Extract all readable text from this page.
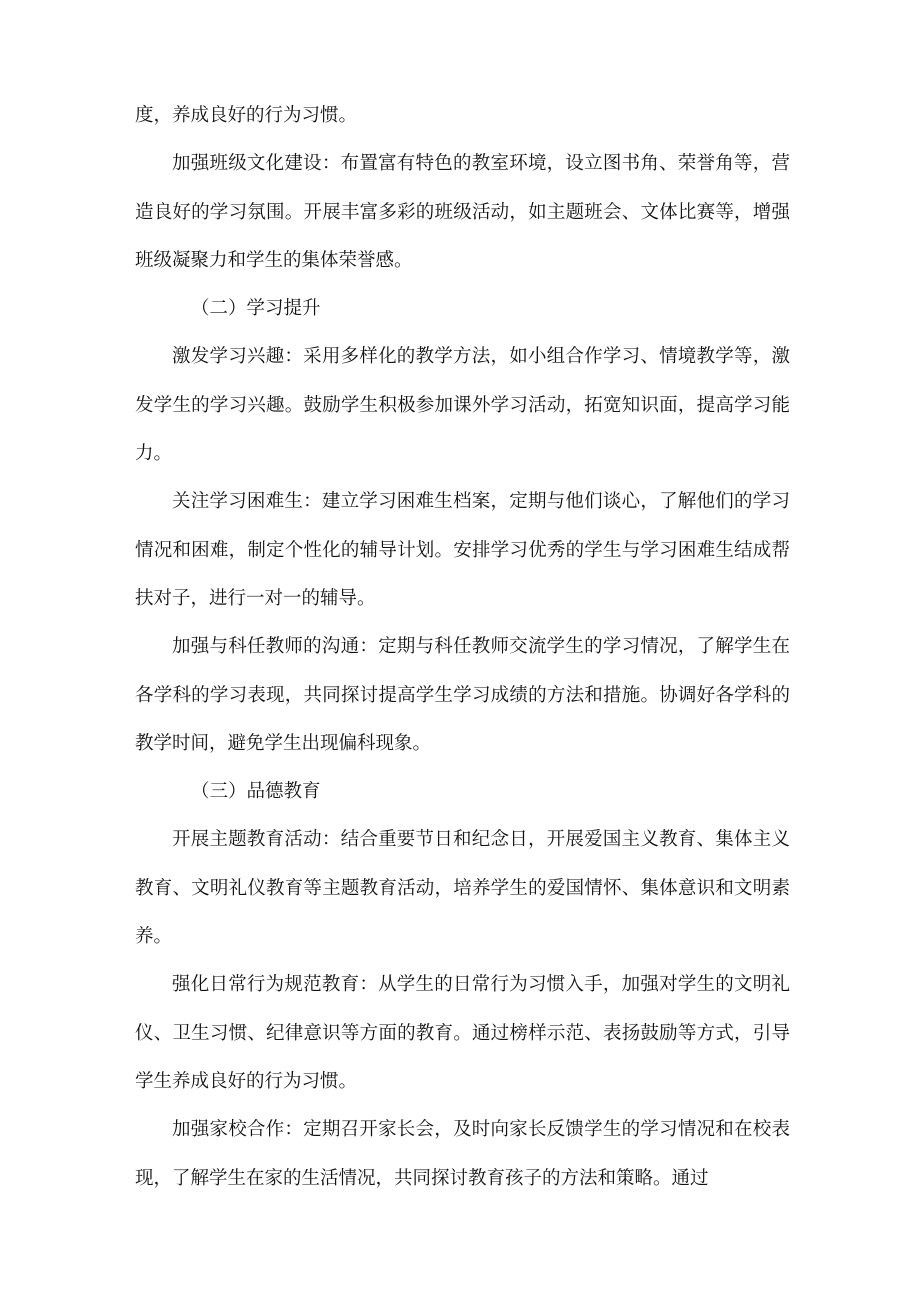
度，养成良好的行为习惯。

加强班级文化建设：布置富有特色的教室环境，设立图书角、荣誉角等，营造良好的学习氛围。开展丰富多彩的班级活动，如主题班会、文体比赛等，增强班级凝聚力和学生的集体荣誉感。

（二）学习提升

激发学习兴趣：采用多样化的教学方法，如小组合作学习、情境教学等，激发学生的学习兴趣。鼓励学生积极参加课外学习活动，拓宽知识面，提高学习能力。

关注学习困难生：建立学习困难生档案，定期与他们谈心，了解他们的学习情况和困难，制定个性化的辅导计划。安排学习优秀的学生与学习困难生结成帮扶对子，进行一对一的辅导。

加强与科任教师的沟通：定期与科任教师交流学生的学习情况，了解学生在各学科的学习表现，共同探讨提高学生学习成绩的方法和措施。协调好各学科的教学时间，避免学生出现偏科现象。

（三）品德教育

开展主题教育活动：结合重要节日和纪念日，开展爱国主义教育、集体主义教育、文明礼仪教育等主题教育活动，培养学生的爱国情怀、集体意识和文明素养。

强化日常行为规范教育：从学生的日常行为习惯入手，加强对学生的文明礼仪、卫生习惯、纪律意识等方面的教育。通过榜样示范、表扬鼓励等方式，引导学生养成良好的行为习惯。

加强家校合作：定期召开家长会，及时向家长反馈学生的学习情况和在校表现，了解学生在家的生活情况，共同探讨教育孩子的方法和策略。通过
